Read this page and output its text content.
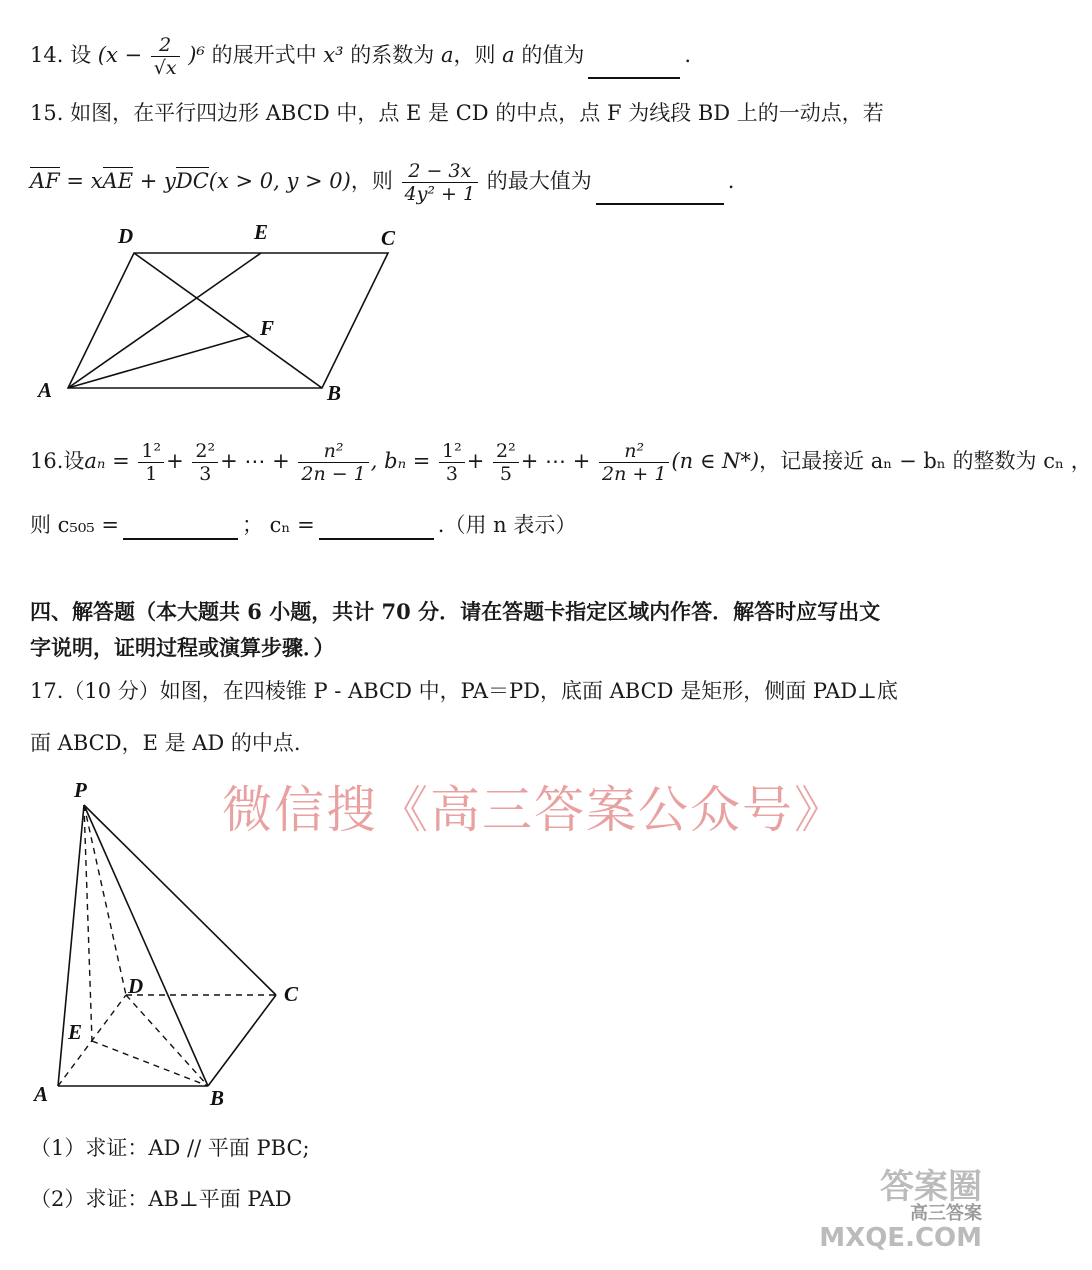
14. 设 $(x - \frac{2}{√x} )^6$ 的展开式中 x³ 的系数为 a，则 a 的值为	.
15. 如图，在平行四边形 ABCD 中，点 E 是 CD 的中点，点 F 为线段 BD 上的一动点，若
AF = xAE + yDC(x > 0, y > 0)，则 $\frac{2 - 3x}{\text{4y² + 1}}$ 的最大值为	.
A	B
C
D	E
F
16.设$a_n = \frac{\text{1²}}{1} + \frac{\text{2²}}{3}$ + ⋯ + $\frac{\text{n²}}{2n - 1}$ , $b_n = \frac{\text{1²}}{3} + \frac{\text{2²}}{5}$ + ⋯ + $\frac{\text{n²}}{2n + 1} (n$ ∈ N*)，记最接近 aₙ − bₙ 的整数为 cₙ ，
则 c₅₀₅ =	； cₙ =	.（用 n 表示）
四、解答题（本大题共 6 小题，共计 70 分．请在答题卡指定区域内作答．解答时应写出文
字说明，证明过程或演算步骤．）
17.（10 分）如图，在四棱锥 P - ABCD 中，PA＝PD，底面 ABCD 是矩形，侧面 PAD⊥底
面 ABCD，E 是 AD 的中点.
微信搜《高三答案公众号》
P
A	B
C
D
E
（1）求证：AD // 平面 PBC;
（2）求证：AB⊥平面 PAD	答案圈
高三答案
MXQE.COM
